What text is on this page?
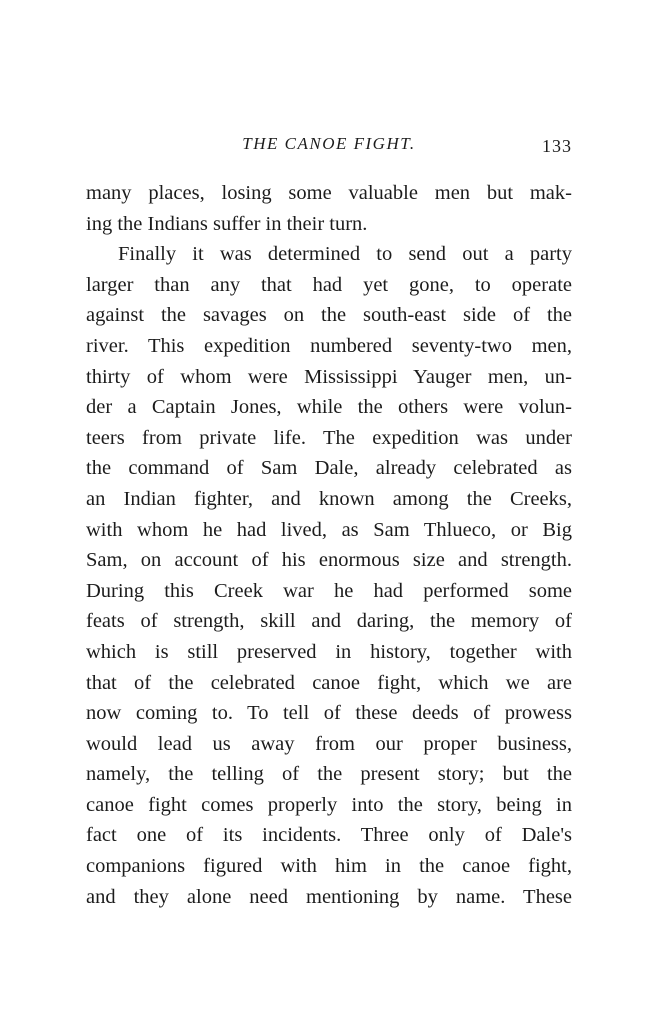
THE CANOE FIGHT.	133
many places, losing some valuable men but mak-
ing the Indians suffer in their turn.
Finally it was determined to send out a party
larger than any that had yet gone, to operate
against the savages on the south-east side of the
river. This expedition numbered seventy-two men,
thirty of whom were Mississippi Yauger men, un-
der a Captain Jones, while the others were volun-
teers from private life. The expedition was under
the command of Sam Dale, already celebrated as
an Indian fighter, and known among the Creeks,
with whom he had lived, as Sam Thlueco, or Big
Sam, on account of his enormous size and strength.
During this Creek war he had performed some
feats of strength, skill and daring, the memory of
which is still preserved in history, together with
that of the celebrated canoe fight, which we are
now coming to. To tell of these deeds of prowess
would lead us away from our proper business,
namely, the telling of the present story; but the
canoe fight comes properly into the story, being in
fact one of its incidents. Three only of Dale's
companions figured with him in the canoe fight,
and they alone need mentioning by name. These
